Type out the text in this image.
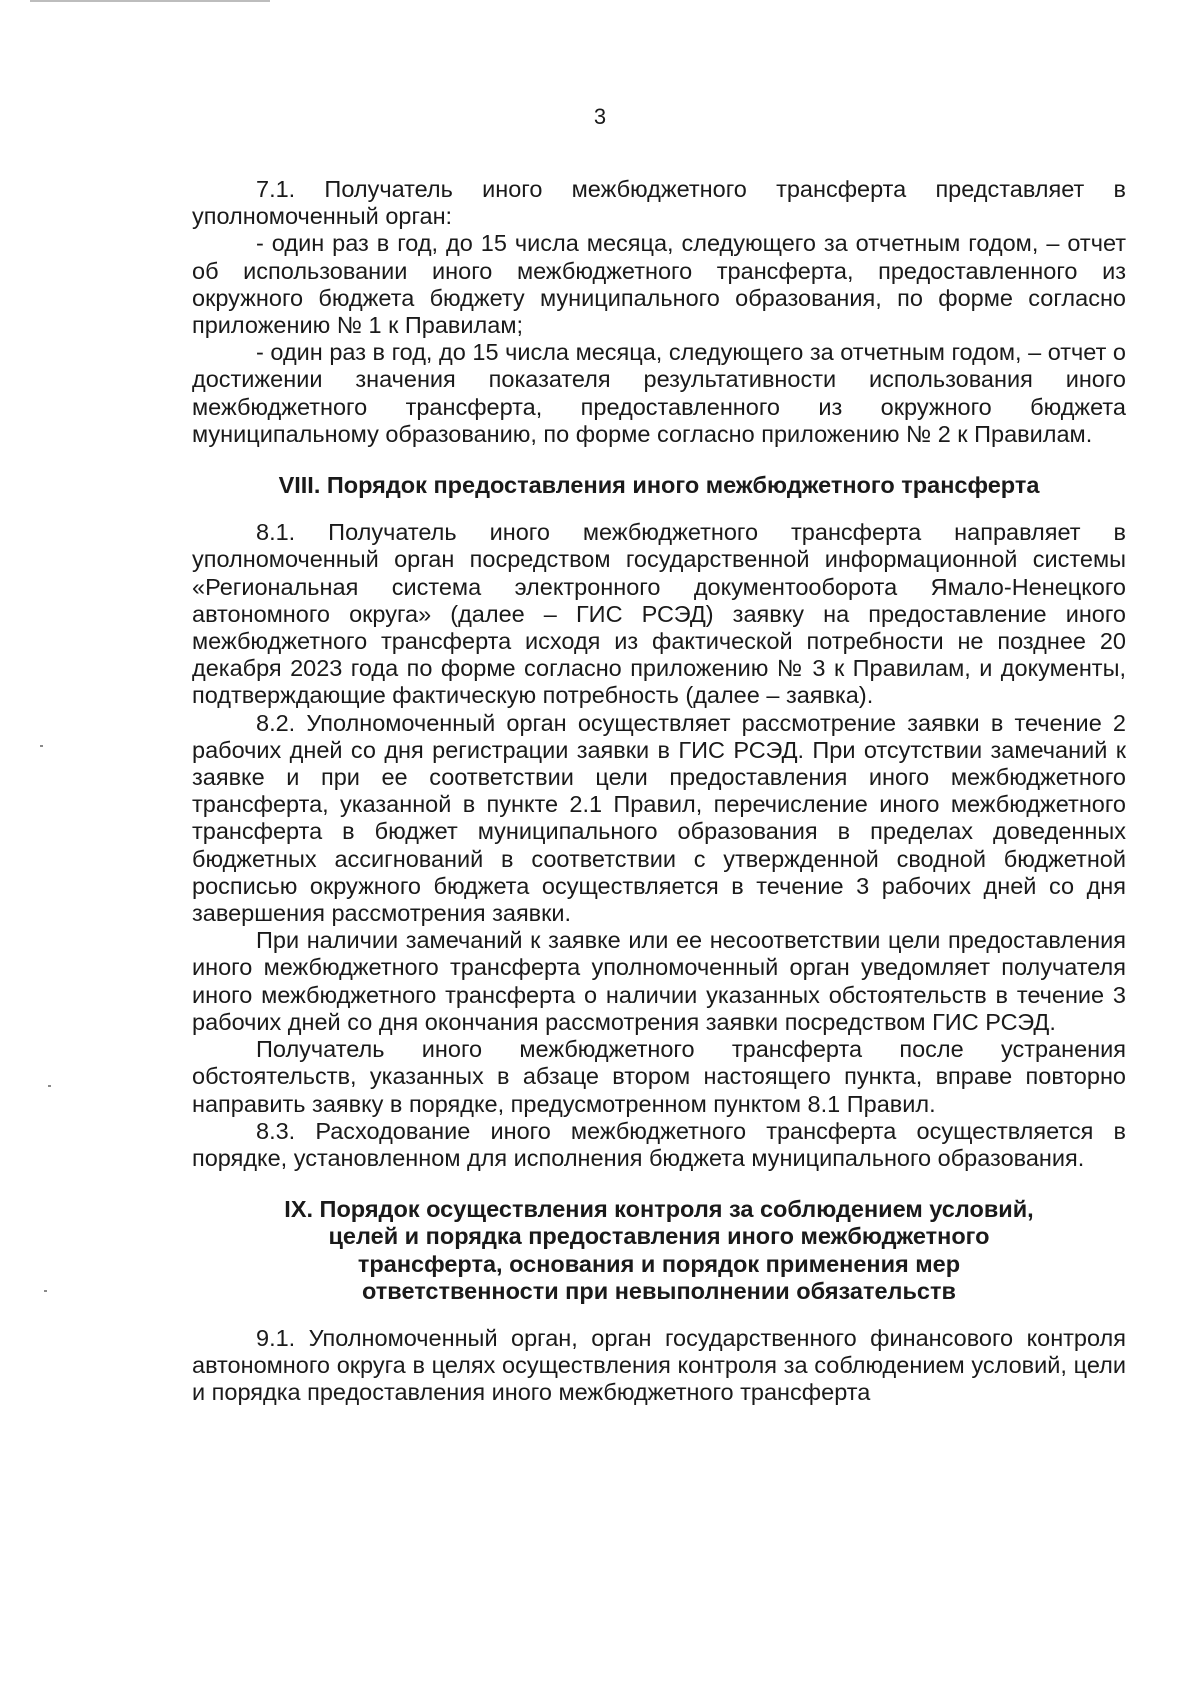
3

7.1. Получатель иного межбюджетного трансферта представляет в уполномоченный орган:

- один раз в год, до 15 числа месяца, следующего за отчетным годом, – отчет об использовании иного межбюджетного трансферта, предоставленного из окружного бюджета бюджету муниципального образования, по форме согласно приложению № 1 к Правилам;

- один раз в год, до 15 числа месяца, следующего за отчетным годом, – отчет о достижении значения показателя результативности использования иного межбюджетного трансферта, предоставленного из окружного бюджета муниципальному образованию, по форме согласно приложению № 2 к Правилам.

VIII. Порядок предоставления иного межбюджетного трансферта

8.1. Получатель иного межбюджетного трансферта направляет в уполномоченный орган посредством государственной информационной системы «Региональная система электронного документооборота Ямало-Ненецкого автономного округа» (далее – ГИС РСЭД) заявку на предоставление иного межбюджетного трансферта исходя из фактической потребности не позднее 20 декабря 2023 года по форме согласно приложению № 3 к Правилам, и документы, подтверждающие фактическую потребность (далее – заявка).

8.2. Уполномоченный орган осуществляет рассмотрение заявки в течение 2 рабочих дней со дня регистрации заявки в ГИС РСЭД. При отсутствии замечаний к заявке и при ее соответствии цели предоставления иного межбюджетного трансферта, указанной в пункте 2.1 Правил, перечисление иного межбюджетного трансферта в бюджет муниципального образования в пределах доведенных бюджетных ассигнований в соответствии с утвержденной сводной бюджетной росписью окружного бюджета осуществляется в течение 3 рабочих дней со дня завершения рассмотрения заявки.

При наличии замечаний к заявке или ее несоответствии цели предоставления иного межбюджетного трансферта уполномоченный орган уведомляет получателя иного межбюджетного трансферта о наличии указанных обстоятельств в течение 3 рабочих дней со дня окончания рассмотрения заявки посредством ГИС РСЭД.

Получатель иного межбюджетного трансферта после устранения обстоятельств, указанных в абзаце втором настоящего пункта, вправе повторно направить заявку в порядке, предусмотренном пунктом 8.1 Правил.

8.3. Расходование иного межбюджетного трансферта осуществляется в порядке, установленном для исполнения бюджета муниципального образования.

IX. Порядок осуществления контроля за соблюдением условий,
целей и порядка предоставления иного межбюджетного
трансферта, основания и порядок применения мер
ответственности при невыполнении обязательств

9.1. Уполномоченный орган, орган государственного финансового контроля автономного округа в целях осуществления контроля за соблюдением условий, цели и порядка предоставления иного межбюджетного трансферта
